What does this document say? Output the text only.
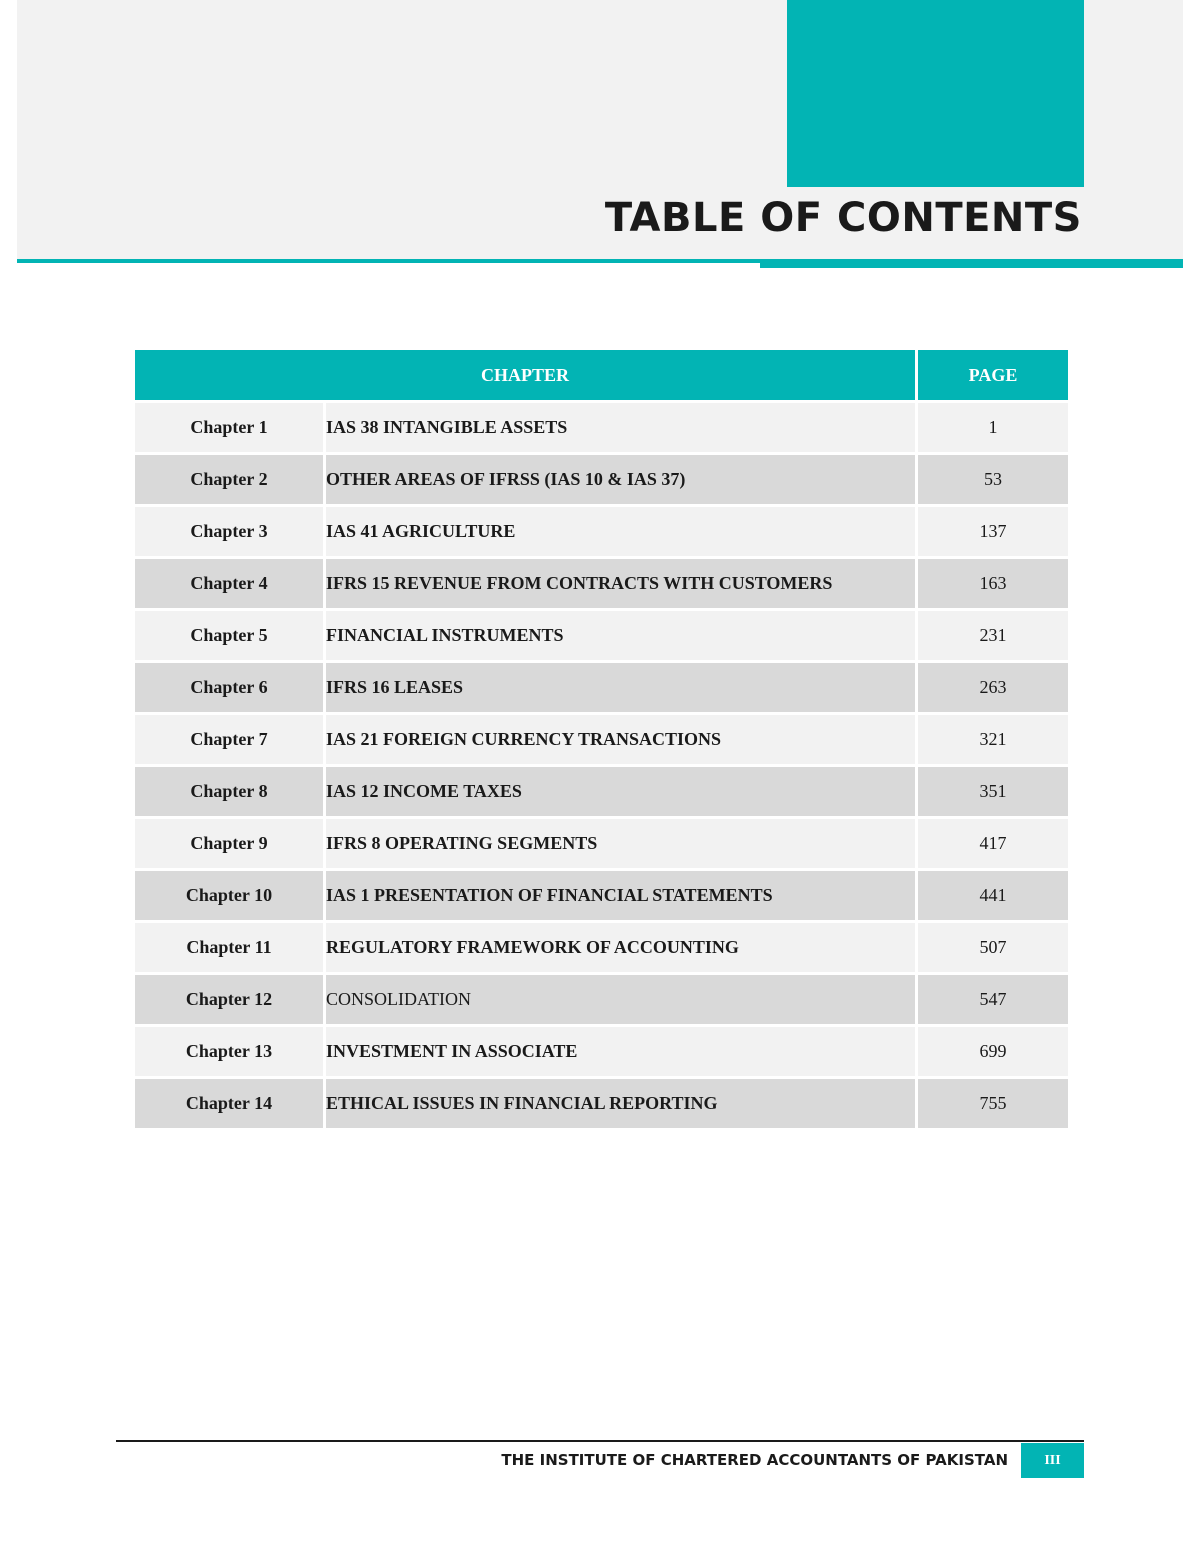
TABLE OF CONTENTS
CHAPTER		PAGE
Chapter 1	IAS 38 INTANGIBLE ASSETS	1
Chapter 2	OTHER AREAS OF IFRSS (IAS 10 & IAS 37)	53
Chapter 3	IAS 41 AGRICULTURE	137
Chapter 4	IFRS 15 REVENUE FROM CONTRACTS WITH CUSTOMERS	163
Chapter 5	FINANCIAL INSTRUMENTS	231
Chapter 6	IFRS 16 LEASES	263
Chapter 7	IAS 21 FOREIGN CURRENCY TRANSACTIONS	321
Chapter 8	IAS 12 INCOME TAXES	351
Chapter 9	IFRS 8 OPERATING SEGMENTS	417
Chapter 10	IAS 1 PRESENTATION OF FINANCIAL STATEMENTS	441
Chapter 11	REGULATORY FRAMEWORK OF ACCOUNTING	507
Chapter 12	CONSOLIDATION	547
Chapter 13	INVESTMENT IN ASSOCIATE	699
Chapter 14	ETHICAL ISSUES IN FINANCIAL REPORTING	755
THE INSTITUTE OF CHARTERED ACCOUNTANTS OF PAKISTAN	III
